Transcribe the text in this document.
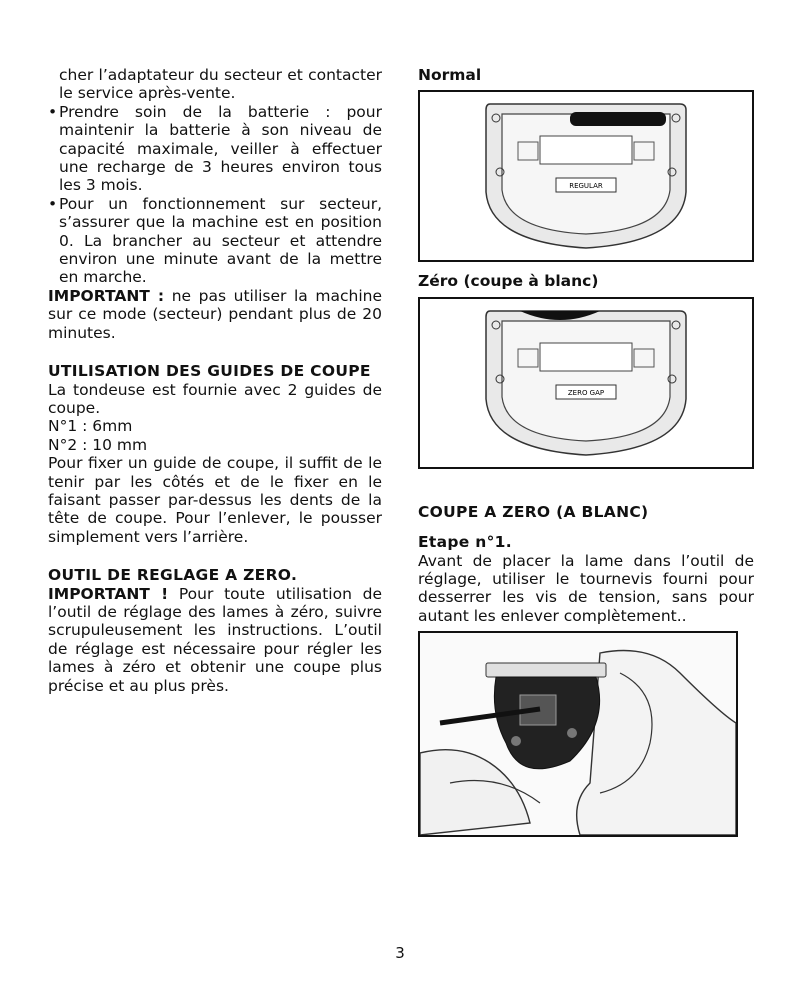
cher l’adaptateur du secteur et contacter le service après-vente.

• Prendre soin de la batterie : pour maintenir la batterie à son niveau de capacité maximale, veiller à effectuer une recharge de 3 heures environ tous les 3 mois.

• Pour un fonctionnement sur secteur, s’assurer que la machine est en position 0. La brancher au secteur et attendre environ une minute avant de la mettre en marche.

IMPORTANT : ne pas utiliser la machine sur ce mode (secteur) pendant plus de 20 minutes.

UTILISATION DES GUIDES DE COUPE

La tondeuse est fournie avec 2 guides de coupe.

N°1 : 6mm

N°2 : 10 mm

Pour fixer un guide de coupe, il suffit de le tenir par les côtés et de le fixer en le faisant passer par-dessus les dents de la tête de coupe. Pour l’enlever, le pousser simplement vers l’arrière.

OUTIL DE REGLAGE A ZERO.

IMPORTANT ! Pour toute utilisation de l’outil de réglage des lames à zéro, suivre scrupuleusement les instructions. L’outil de réglage est nécessaire pour régler les lames à zéro et obtenir une coupe plus précise et au plus près.

Normal

REGULAR

Zéro (coupe à blanc)

ZERO GAP

COUPE A ZERO (A BLANC)

Etape n°1.

Avant de placer la lame dans l’outil de réglage, utiliser le tournevis fourni pour desserrer les vis de tension, sans pour autant les enlever complètement..

3
